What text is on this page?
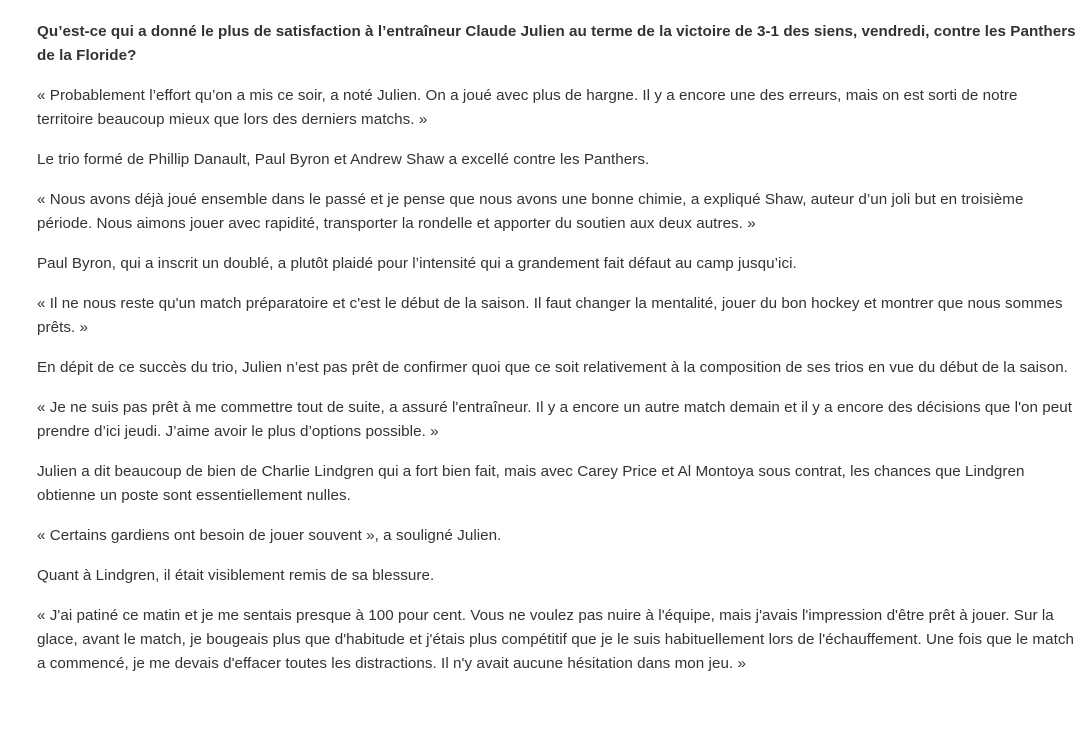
Qu’est-ce qui a donné le plus de satisfaction à l’entraîneur Claude Julien au terme de la victoire de 3-1 des siens, vendredi, contre les Panthers de la Floride?

« Probablement l’effort qu’on a mis ce soir, a noté Julien. On a joué avec plus de hargne. Il y a encore une des erreurs, mais on est sorti de notre territoire beaucoup mieux que lors des derniers matchs. »

Le trio formé de Phillip Danault, Paul Byron et Andrew Shaw a excellé contre les Panthers.

« Nous avons déjà joué ensemble dans le passé et je pense que nous avons une bonne chimie, a expliqué Shaw, auteur d’un joli but en troisième période. Nous aimons jouer avec rapidité, transporter la rondelle et apporter du soutien aux deux autres. »

Paul Byron, qui a inscrit un doublé, a plutôt plaidé pour l’intensité qui a grandement fait défaut au camp jusqu’ici.

« Il ne nous reste qu'un match préparatoire et c'est le début de la saison. Il faut changer la mentalité, jouer du bon hockey et montrer que nous sommes prêts. »

En dépit de ce succès du trio, Julien n’est pas prêt de confirmer quoi que ce soit relativement à la composition de ses trios en vue du début de la saison.

« Je ne suis pas prêt à me commettre tout de suite, a assuré l'entraîneur. Il y a encore un autre match demain et il y a encore des décisions que l'on peut prendre d’ici jeudi. J’aime avoir le plus d’options possible. »

Julien a dit beaucoup de bien de Charlie Lindgren qui a fort bien fait, mais avec Carey Price et Al Montoya sous contrat, les chances que Lindgren obtienne un poste sont essentiellement nulles.

« Certains gardiens ont besoin de jouer souvent », a souligné Julien.

Quant à Lindgren, il était visiblement remis de sa blessure.

« J'ai patiné ce matin et je me sentais presque à 100 pour cent. Vous ne voulez pas nuire à l'équipe, mais j'avais l'impression d'être prêt à jouer. Sur la glace, avant le match, je bougeais plus que d'habitude et j'étais plus compétitif que je le suis habituellement lors de l'échauffement. Une fois que le match a commencé, je me devais d'effacer toutes les distractions. Il n'y avait aucune hésitation dans mon jeu. »
